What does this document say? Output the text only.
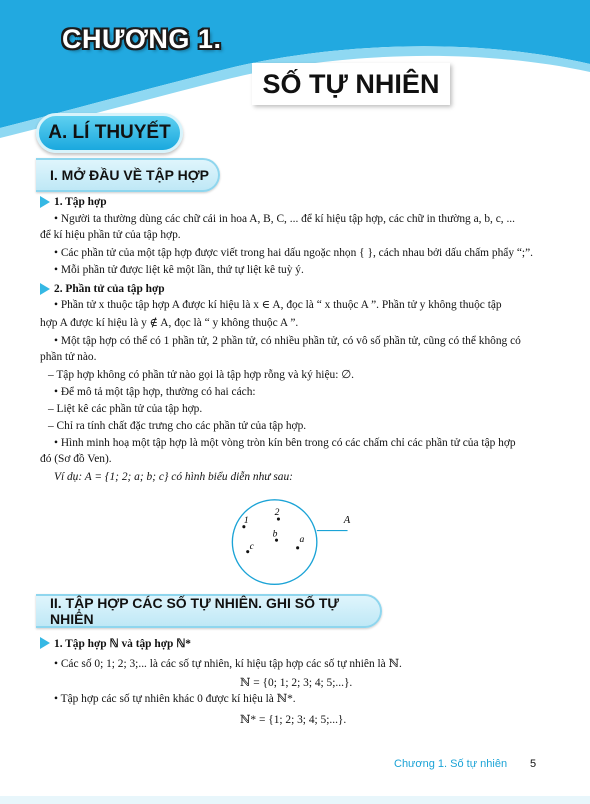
CHƯƠNG 1.
SỐ TỰ NHIÊN
A. LÍ THUYẾT
I. MỞ ĐẦU VỀ TẬP HỢP
1. Tập hợp
• Người ta thường dùng các chữ cái in hoa A, B, C, ... để kí hiệu tập hợp, các chữ in thường a, b, c, ...
để kí hiệu phần tử của tập hợp.
• Các phần tử của một tập hợp được viết trong hai dấu ngoặc nhọn { }, cách nhau bởi dấu chấm phẩy “;”.
• Mỗi phần tử được liệt kê một lần, thứ tự liệt kê tuỳ ý.
2. Phần tử của tập hợp
• Phần tử x thuộc tập hợp A được kí hiệu là x ∈ A, đọc là “ x thuộc A ”. Phần tử y không thuộc tập
hợp A được kí hiệu là y ∉ A, đọc là “ y không thuộc A ”.
• Một tập hợp có thể có 1 phần tử, 2 phần tử, có nhiều phần tử, có vô số phần tử, cũng có thể không có
phần tử nào.
– Tập hợp không có phần tử nào gọi là tập hợp rỗng và ký hiệu: ∅.
• Để mô tả một tập hợp, thường có hai cách:
– Liệt kê các phần tử của tập hợp.
– Chỉ ra tính chất đặc trưng cho các phần tử của tập hợp.
• Hình minh hoạ một tập hợp là một vòng tròn kín bên trong có các chấm chỉ các phần tử của tập hợp
đó (Sơ đồ Ven).
Ví dụ: A = {1; 2; a; b; c} có hình biểu diễn như sau:
A
1
2
b
c
a
II. TẬP HỢP CÁC SỐ TỰ NHIÊN. GHI SỐ TỰ NHIÊN
1. Tập hợp ℕ và tập hợp ℕ*
• Các số 0; 1; 2; 3;... là các số tự nhiên, kí hiệu tập hợp các số tự nhiên là ℕ.
ℕ = {0; 1; 2; 3; 4; 5;...}.
• Tập hợp các số tự nhiên khác 0 được kí hiệu là ℕ*.
ℕ* = {1; 2; 3; 4; 5;...}.
Chương 1. Số tự nhiên 5
